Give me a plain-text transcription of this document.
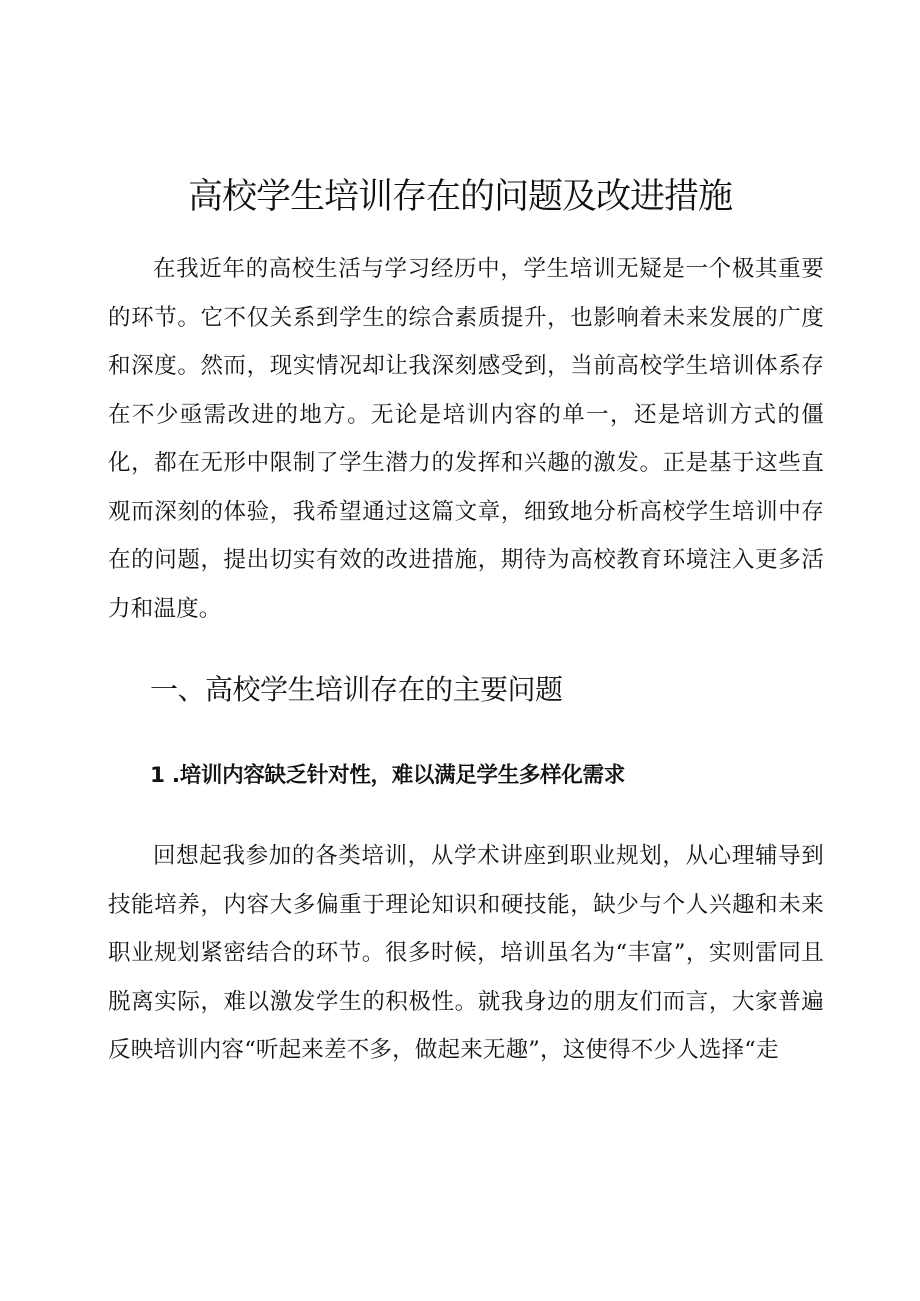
高校学生培训存在的问题及改进措施

在我近年的高校生活与学习经历中，学生培训无疑是一个极其重要的环节。它不仅关系到学生的综合素质提升，也影响着未来发展的广度和深度。然而，现实情况却让我深刻感受到，当前高校学生培训体系存在不少亟需改进的地方。无论是培训内容的单一，还是培训方式的僵化，都在无形中限制了学生潜力的发挥和兴趣的激发。正是基于这些直观而深刻的体验，我希望通过这篇文章，细致地分析高校学生培训中存在的问题，提出切实有效的改进措施，期待为高校教育环境注入更多活力和温度。

一、高校学生培训存在的主要问题
1 .培训内容缺乏针对性，难以满足学生多样化需求

回想起我参加的各类培训，从学术讲座到职业规划，从心理辅导到技能培养，内容大多偏重于理论知识和硬技能，缺少与个人兴趣和未来职业规划紧密结合的环节。很多时候，培训虽名为“丰富”，实则雷同且脱离实际，难以激发学生的积极性。就我身边的朋友们而言，大家普遍反映培训内容“听起来差不多，做起来无趣”，这使得不少人选择“走
